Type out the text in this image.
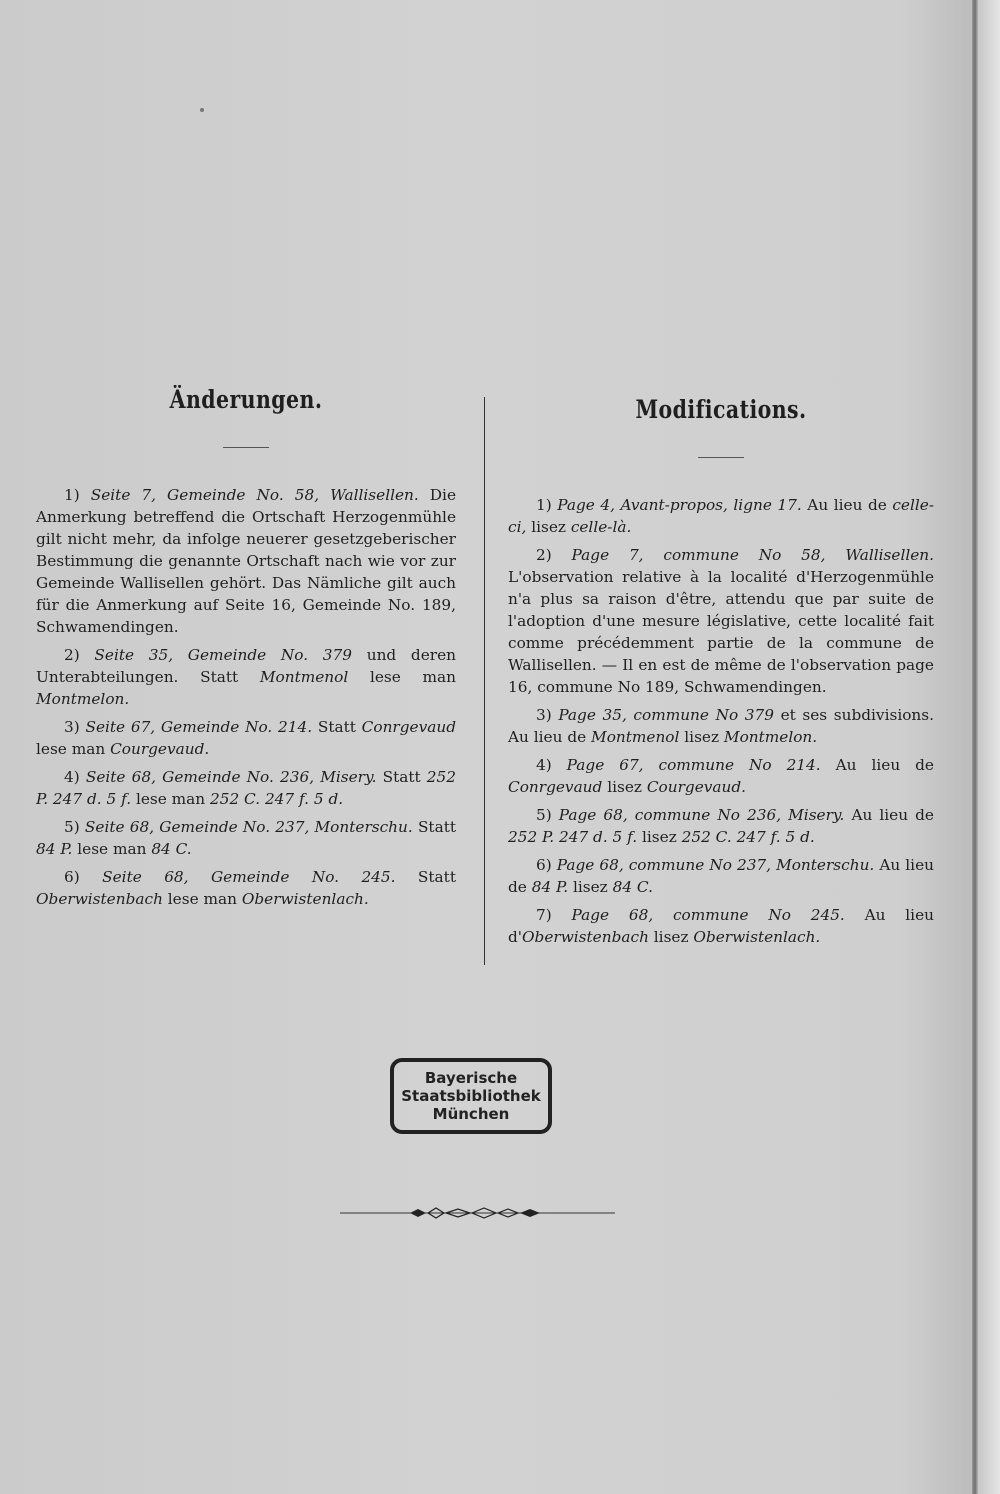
Änderungen.

1) Seite 7, Gemeinde No. 58, Wallisellen. Die Anmerkung betreffend die Ortschaft Herzogenmühle gilt nicht mehr, da infolge neuerer gesetzgeberischer Bestimmung die genannte Ortschaft nach wie vor zur Gemeinde Wallisellen gehört. Das Nämliche gilt auch für die Anmerkung auf Seite 16, Gemeinde No. 189, Schwamendingen.

2) Seite 35, Gemeinde No. 379 und deren Unterabteilungen. Statt Montmenol lese man Montmelon.

3) Seite 67, Gemeinde No. 214. Statt Conrgevaud lese man Courgevaud.

4) Seite 68, Gemeinde No. 236, Misery. Statt 252 P. 247 d. 5 f. lese man 252 C. 247 f. 5 d.

5) Seite 68, Gemeinde No. 237, Monterschu. Statt 84 P. lese man 84 C.

6) Seite 68, Gemeinde No. 245. Statt Oberwistenbach lese man Oberwistenlach.

Modifications.

1) Page 4, Avant-propos, ligne 17. Au lieu de celle-ci, lisez celle-là.

2) Page 7, commune No 58, Wallisellen. L'observation relative à la localité d'Herzogenmühle n'a plus sa raison d'être, attendu que par suite de l'adoption d'une mesure législative, cette localité fait comme précédemment partie de la commune de Wallisellen. — Il en est de même de l'observation page 16, commune No 189, Schwamendingen.

3) Page 35, commune No 379 et ses subdivisions. Au lieu de Montmenol lisez Montmelon.

4) Page 67, commune No 214. Au lieu de Conrgevaud lisez Courgevaud.

5) Page 68, commune No 236, Misery. Au lieu de 252 P. 247 d. 5 f. lisez 252 C. 247 f. 5 d.

6) Page 68, commune No 237, Monterschu. Au lieu de 84 P. lisez 84 C.

7) Page 68, commune No 245. Au lieu d'Oberwistenbach lisez Oberwistenlach.

Bayerische
Staatsbibliothek
München
